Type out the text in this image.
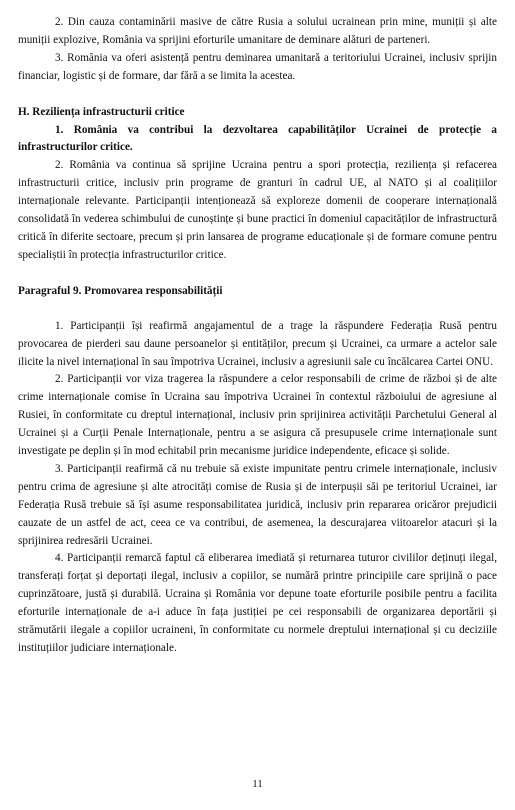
2. Din cauza contaminării masive de către Rusia a solului ucrainean prin mine, muniții și alte muniții explozive, România va sprijini eforturile umanitare de deminare alături de parteneri.

3. România va oferi asistență pentru deminarea umanitară a teritoriului Ucrainei, inclusiv sprijin financiar, logistic și de formare, dar fără a se limita la acestea.

H. Reziliența infrastructurii critice

1. România va contribui la dezvoltarea capabilităților Ucrainei de protecție a infrastructurilor critice.

2. România va continua să sprijine Ucraina pentru a spori protecția, reziliența și refacerea infrastructurii critice, inclusiv prin programe de granturi în cadrul UE, al NATO și al coalițiilor internaționale relevante. Participanții intenționează să exploreze domenii de cooperare internațională consolidată în vederea schimbului de cunoștințe și bune practici în domeniul capacităților de infrastructură critică în diferite sectoare, precum și prin lansarea de programe educaționale și de formare comune pentru specialiștii în protecția infrastructurilor critice.

Paragraful 9. Promovarea responsabilității

1. Participanții își reafirmă angajamentul de a trage la răspundere Federația Rusă pentru provocarea de pierderi sau daune persoanelor și entităților, precum și Ucrainei, ca urmare a actelor sale ilicite la nivel internațional în sau împotriva Ucrainei, inclusiv a agresiunii sale cu încălcarea Cartei ONU.

2. Participanții vor viza tragerea la răspundere a celor responsabili de crime de război și de alte crime internaționale comise în Ucraina sau împotriva Ucrainei în contextul războiului de agresiune al Rusiei, în conformitate cu dreptul internațional, inclusiv prin sprijinirea activității Parchetului General al Ucrainei și a Curții Penale Internaționale, pentru a se asigura că presupusele crime internaționale sunt investigate pe deplin și în mod echitabil prin mecanisme juridice independente, eficace și solide.

3. Participanții reafirmă că nu trebuie să existe impunitate pentru crimele internaționale, inclusiv pentru crima de agresiune și alte atrocități comise de Rusia și de interpușii săi pe teritoriul Ucrainei, iar Federația Rusă trebuie să își asume responsabilitatea juridică, inclusiv prin repararea oricăror prejudicii cauzate de un astfel de act, ceea ce va contribui, de asemenea, la descurajarea viitoarelor atacuri și la sprijinirea redresării Ucrainei.

4. Participanții remarcă faptul că eliberarea imediată și returnarea tuturor civililor deținuți ilegal, transferați forțat și deportați ilegal, inclusiv a copiilor, se numără printre principiile care sprijină o pace cuprinzătoare, justă și durabilă. Ucraina și România vor depune toate eforturile posibile pentru a facilita eforturile internaționale de a-i aduce în fața justiției pe cei responsabili de organizarea deportării și strămutării ilegale a copiilor ucraineni, în conformitate cu normele dreptului internațional și cu deciziile instituțiilor judiciare internaționale.

11
